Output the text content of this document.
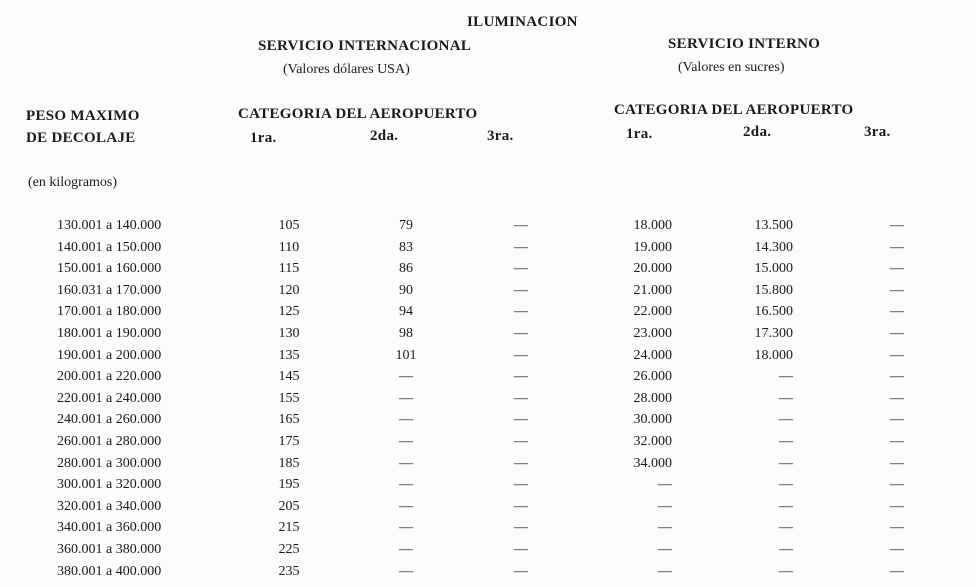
ILUMINACION
SERVICIO INTERNACIONAL
(Valores dólares USA)
SERVICIO INTERNO
(Valores en sucres)
PESO MAXIMO
DE DECOLAJE
CATEGORIA DEL AEROPUERTO	CATEGORIA DEL AEROPUERTO
1ra.	2da.	3ra.	1ra.	2da.	3ra.
(en kilogramos)
130.001 a 140.000	105	79	—	18.000	13.500	—
140.001 a 150.000	110	83	—	19.000	14.300	—
150.001 a 160.000	115	86	—	20.000	15.000	—
160.031 a 170.000	120	90	—	21.000	15.800	—
170.001 a 180.000	125	94	—	22.000	16.500	—
180.001 a 190.000	130	98	—	23.000	17.300	—
190.001 a 200.000	135	101	—	24.000	18.000	—
200.001 a 220.000	145	—	—	26.000	—	—
220.001 a 240.000	155	—	—	28.000	—	—
240.001 a 260.000	165	—	—	30.000	—	—
260.001 a 280.000	175	—	—	32.000	—	—
280.001 a 300.000	185	—	—	34.000	—	—
300.001 a 320.000	195	—	—	—	—	—
320.001 a 340.000	205	—	—	—	—	—
340.001 a 360.000	215	—	—	—	—	—
360.001 a 380.000	225	—	—	—	—	—
380.001 a 400.000	235	—	—	—	—	—
